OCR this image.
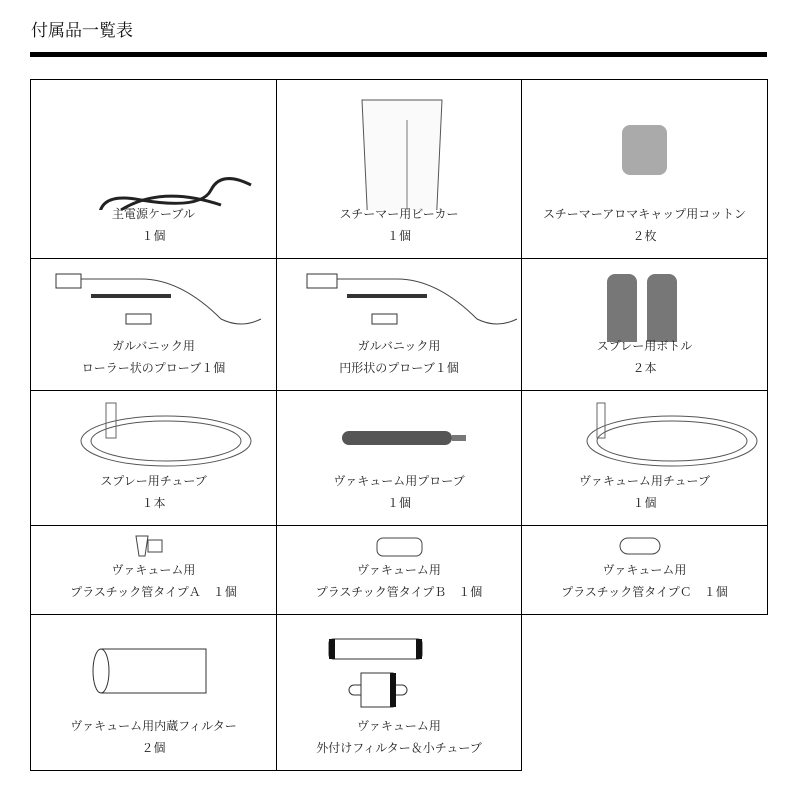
付属品一覧表
主電源ケーブル
１個
スチーマー用ビーカー
１個
スチーマーアロマキャップ用コットン
２枚
ガルバニック用
ローラー状のプローブ１個
ガルバニック用
円形状のプローブ１個
スプレー用ボトル
２本
スプレー用チューブ
１本
ヴァキューム用プローブ
１個
ヴァキューム用チューブ
１個
ヴァキューム用
プラスチック管タイプＡ　１個
ヴァキューム用
プラスチック管タイプＢ　１個
ヴァキューム用
プラスチック管タイプＣ　１個
ヴァキューム用内蔵フィルター
２個
ヴァキューム用
外付けフィルター＆小チューブ
